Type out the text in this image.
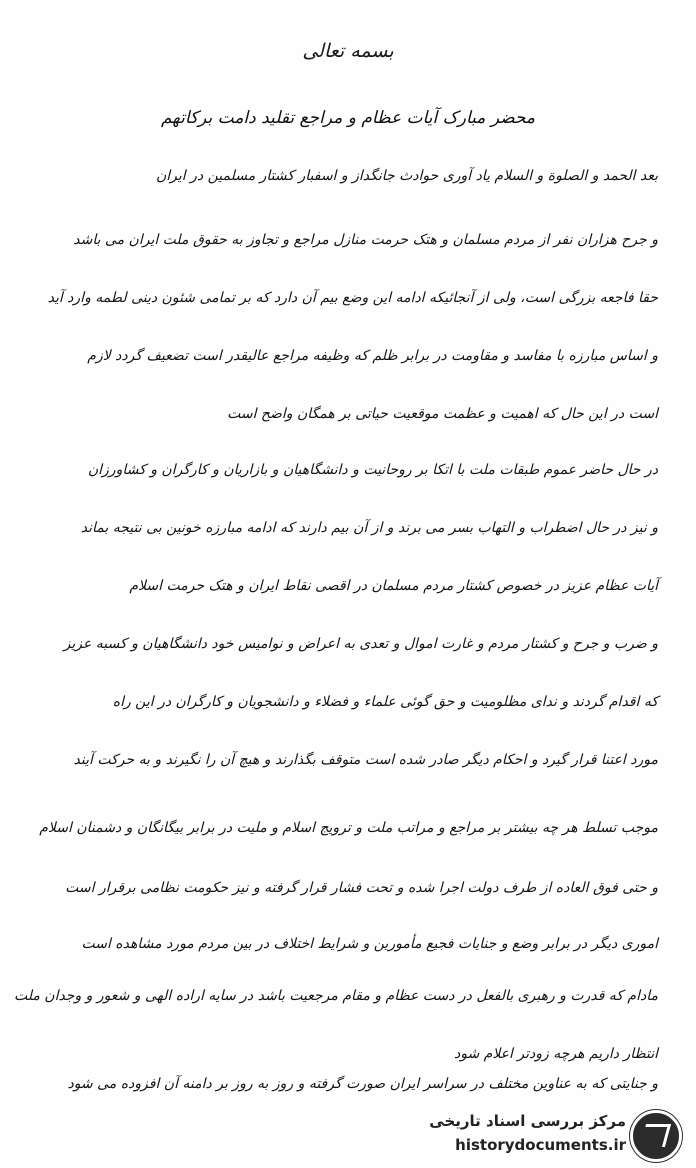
بسمه تعالی
محضر مبارک آیات عظام و مراجع تقلید دامت برکاتهم
بعد الحمد و الصلوة و السلام یاد آوری حوادث جانگداز و اسفبار کشتار مسلمین در ایران
و جرح هزاران نفر از مردم مسلمان و هتک حرمت منازل مراجع و تجاوز به حقوق ملت ایران می باشد
حقا فاجعه بزرگی است، ولی از آنجائیکه ادامه این وضع بیم آن دارد که بر تمامی شئون دینی لطمه وارد آید
و اساس مبارزه با مفاسد و مقاومت در برابر ظلم که وظیفه مراجع عالیقدر است تضعیف گردد لازم
است در این حال که اهمیت و عظمت موقعیت حیاتی بر همگان واضح است
در حال حاضر عموم طبقات ملت با اتکا بر روحانیت و دانشگاهیان و بازاریان و کارگران و کشاورزان
و نیز در حال اضطراب و التهاب بسر می برند و از آن بیم دارند که ادامه مبارزه خونین بی نتیجه بماند
آیات عظام عزیز در خصوص کشتار مردم مسلمان در اقصی نقاط ایران و هتک حرمت اسلام
و ضرب و جرح و کشتار مردم و غارت اموال و تعدی به اعراض و نوامیس خود دانشگاهیان و کسبه عزیز
که اقدام گردند و ندای مظلومیت و حق گوئی علماء و فضلاء و دانشجویان و کارگران در این راه
مورد اعتنا قرار گیرد و احکام دیگر صادر شده است متوقف بگذارند و هیچ آن را نگیرند و به حرکت آیند
موجب تسلط هر چه بیشتر بر مراجع و مراتب ملت و ترویج اسلام و ملیت در برابر بیگانگان و دشمنان اسلام
و حتی فوق العاده از طرف دولت اجرا شده و تحت فشار قرار گرفته و نیز حکومت نظامی برقرار است
اموری دیگر در برابر وضع و جنایات فجیع مأمورین و شرایط اختلاف در بین مردم مورد مشاهده است
مادام که قدرت و رهبری بالفعل در دست عظام و مقام مرجعیت باشد در سایه اراده الهی و شعور و وجدان ملت
انتظار داریم هرچه زودتر اعلام شود
و جنایتی که به عناوین مختلف در سراسر ایران صورت گرفته و روز به روز بر دامنه آن افزوده می شود
مرکز بررسی اسناد تاریخی
historydocuments.ir
